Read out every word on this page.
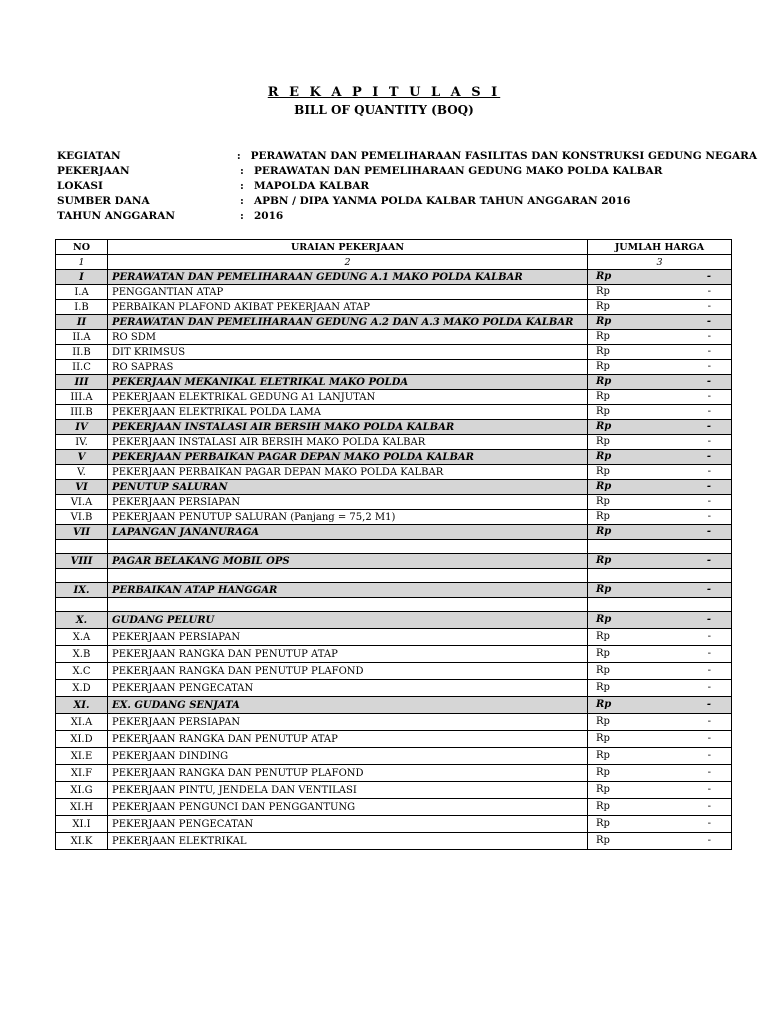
R E K A P I T U L A S I
BILL OF QUANTITY (BOQ)
KEGIATAN	: PERAWATAN DAN PEMELIHARAAN FASILITAS DAN KONSTRUKSI GEDUNG NEGARA
PEKERJAAN	: PERAWATAN DAN PEMELIHARAAN GEDUNG MAKO POLDA KALBAR
LOKASI	: MAPOLDA KALBAR
SUMBER DANA	: APBN / DIPA YANMA POLDA KALBAR TAHUN ANGGARAN 2016
TAHUN ANGGARAN	: 2016
NO	URAIAN PEKERJAAN	JUMLAH HARGA
1	2	3
I	PERAWATAN DAN PEMELIHARAAN GEDUNG A.1 MAKO POLDA KALBAR	Rp -

I.A	PENGGANTIAN ATAP	Rp -

I.B	PERBAIKAN PLAFOND AKIBAT PEKERJAAN ATAP	Rp -

II	PERAWATAN DAN PEMELIHARAAN GEDUNG A.2 DAN A.3 MAKO POLDA KALBAR	Rp -

II.A	RO SDM	Rp -

II.B	DIT KRIMSUS	Rp -

II.C	RO SAPRAS	Rp -

III	PEKERJAAN MEKANIKAL ELETRIKAL MAKO POLDA	Rp -

III.A	PEKERJAAN ELEKTRIKAL GEDUNG A1 LANJUTAN	Rp -

III.B	PEKERJAAN ELEKTRIKAL POLDA LAMA	Rp -

IV	PEKERJAAN INSTALASI AIR BERSIH MAKO POLDA KALBAR	Rp -

IV.	PEKERJAAN INSTALASI AIR BERSIH MAKO POLDA KALBAR	Rp -

V	PEKERJAAN PERBAIKAN PAGAR DEPAN MAKO POLDA KALBAR	Rp -

V.	PEKERJAAN PERBAIKAN PAGAR DEPAN MAKO POLDA KALBAR	Rp -

VI	PENUTUP SALURAN	Rp -

VI.A	PEKERJAAN PERSIAPAN	Rp -

VI.B	PEKERJAAN PENUTUP SALURAN (Panjang = 75,2 M1)	Rp -

VII	LAPANGAN JANANURAGA	Rp -

VIII	PAGAR BELAKANG MOBIL OPS	Rp -

IX.	PERBAIKAN ATAP HANGGAR	Rp -

X.	GUDANG PELURU	Rp -

X.A	PEKERJAAN PERSIAPAN	Rp -

X.B	PEKERJAAN RANGKA DAN PENUTUP ATAP	Rp -

X.C	PEKERJAAN RANGKA DAN PENUTUP PLAFOND	Rp -

X.D	PEKERJAAN PENGECATAN	Rp -

XI.	EX. GUDANG SENJATA	Rp -

XI.A	PEKERJAAN PERSIAPAN	Rp -

XI.D	PEKERJAAN RANGKA DAN PENUTUP ATAP	Rp -

XI.E	PEKERJAAN DINDING	Rp -

XI.F	PEKERJAAN RANGKA DAN PENUTUP PLAFOND	Rp -

XI.G	PEKERJAAN PINTU, JENDELA DAN VENTILASI	Rp -

XI.H	PEKERJAAN PENGUNCI DAN PENGGANTUNG	Rp -

XI.I	PEKERJAAN PENGECATAN	Rp -

XI.K	PEKERJAAN ELEKTRIKAL	Rp -
